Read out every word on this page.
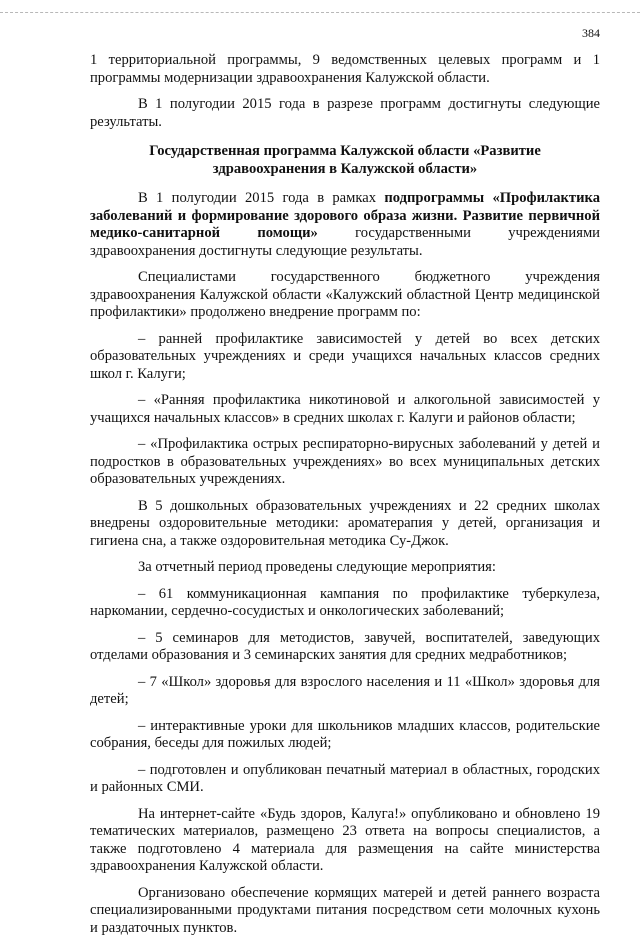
384

1 территориальной программы, 9 ведомственных целевых программ и 1 программы модернизации здравоохранения Калужской области.

В 1 полугодии 2015 года в разрезе программ достигнуты следующие результаты.

Государственная программа Калужской области «Развитие
здравоохранения в Калужской области»

В 1 полугодии 2015 года в рамках подпрограммы «Профилактика заболеваний и формирование здорового образа жизни. Развитие первичной медико-санитарной помощи» государственными учреждениями здравоохранения достигнуты следующие результаты.

Специалистами государственного бюджетного учреждения здравоохранения Калужской области «Калужский областной Центр медицинской профилактики» продолжено внедрение программ по:

– ранней профилактике зависимостей у детей во всех детских образовательных учреждениях и среди учащихся начальных классов средних школ г. Калуги;

– «Ранняя профилактика никотиновой и алкогольной зависимостей у учащихся начальных классов» в средних школах г. Калуги и районов области;

– «Профилактика острых респираторно-вирусных заболеваний у детей и подростков в образовательных учреждениях» во всех муниципальных детских образовательных учреждениях.

В 5 дошкольных образовательных учреждениях и 22 средних школах внедрены оздоровительные методики: ароматерапия у детей, организация и гигиена сна, а также оздоровительная методика Су-Джок.

За отчетный период проведены следующие мероприятия:

– 61 коммуникационная кампания по профилактике туберкулеза, наркомании, сердечно-сосудистых и онкологических заболеваний;

– 5 семинаров для методистов, завучей, воспитателей, заведующих отделами образования и 3 семинарских занятия для средних медработников;

– 7 «Школ» здоровья для взрослого населения и 11 «Школ» здоровья для детей;

– интерактивные уроки для школьников младших классов, родительские собрания, беседы для пожилых людей;

– подготовлен и опубликован печатный материал в областных, городских и районных СМИ.

На интернет-сайте «Будь здоров, Калуга!» опубликовано и обновлено 19 тематических материалов, размещено 23 ответа на вопросы специалистов, а также подготовлено 4 материала для размещения на сайте министерства здравоохранения Калужской области.

Организовано обеспечение кормящих матерей и детей раннего возраста специализированными продуктами питания посредством сети молочных кухонь и раздаточных пунктов.
